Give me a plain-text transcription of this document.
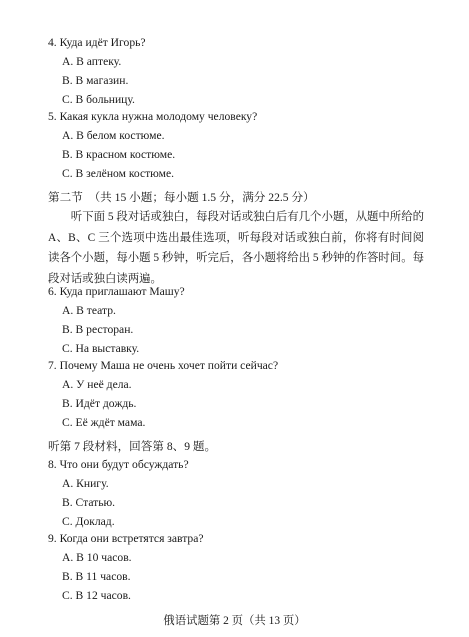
4. Куда идёт Игорь?
A. В аптеку.
B. В магазин.
C. В больницу.
5. Какая кукла нужна молодому человеку?
A. В белом костюме.
B. В красном костюме.
C. В зелёном костюме.
第二节　（共 15 小题；每小题 1.5 分，满分 22.5 分）
听下面 5 段对话或独白，每段对话或独白后有几个小题，从题中所给的 A、B、C 三个选项中选出最佳选项，听每段对话或独白前，你将有时间阅读各个小题，每小题 5 秒钟，听完后，各小题将给出 5 秒钟的作答时间。每段对话或独白读两遍。
6. Куда приглашают Машу?
A. В театр.
B. В ресторан.
C. На выставку.
7. Почему Маша не очень хочет пойти сейчас?
A. У неё дела.
B. Идёт дождь.
C. Её ждёт мама.
听第 7 段材料，回答第 8、9 题。
8. Что они будут обсуждать?
A. Книгу.
B. Статью.
C. Доклад.
9. Когда они встретятся завтра?
A. В 10 часов.
B. В 11 часов.
C. В 12 часов.
俄语试题第 2 页（共 13 页）
